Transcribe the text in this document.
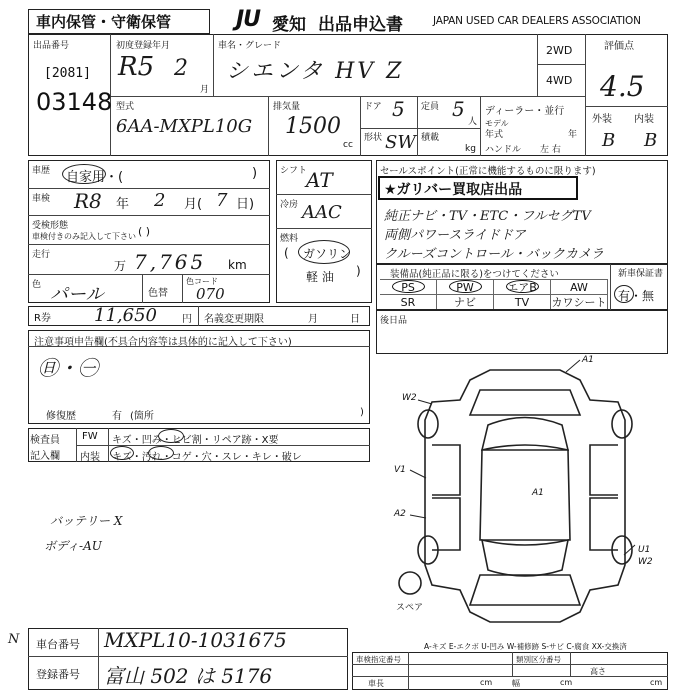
車内保管・守衛保管	JU 愛知 出品申込書	JAPAN USED CAR DEALERS ASSOCIATION
出品番号
[2081]
03148
初度登録年月
R5 2
月
車名・グレード
シエンタ HV Z
2WD
4WD
評価点
4.5
外装 内装
B B
型式
6AA-MXPL10G
排気量
1500
cc
ドア 5 定員 5
人
形状 SW 積載
kg
ディーラー・並行
モデル
年式	年
ハンドル 左 右
車歴 自家用・(	)
車検 R8 年 2 月( 7 日)
受検形態
車検付きのみ記入して下さい ( )
走行
万 7,765 km
色 パール	色替
色コード
070
シフト
AT
冷房 AAC
燃料
( ガソリン
軽 油 )
セールスポイント(正常に機能するものに限ります)
★ガリバー買取店出品
純正ナビ・TV・ETC・フルセグTV
両側パワースライドドア
クルーズコントロール・バックカメラ
装備品(純正品に限る)をつけてください	新車保証書
有・無
PS	PW	エアB	AW
SR	ナビ	TV	カワシート
R券 11,650	円 名義変更期限	月	日 後日品
注意事項申告欄(不具合内容等は具体的に記入して下さい)
㊐・㊀
修復歴	有 (箇所	)
検査員
記入欄
FW キズ・凹み・ヒビ割・リペア跡・X要
内装 キズ・汚れ・コゲ・穴・スレ・キレ・破レ
バッテリー X
ボディ-AU
A1
W2
V1
A2
A1
U1
W2
スペア
A-キズ E-エクボ U-凹み W-補修跡 S-サビ C-腐食 XX-交換済
N 車台番号 MXPL10-1031675
登録番号 富山 502 は 5176
車検指定番号	類別区分番号
車長	cm 幅	cm
高さ
cm
